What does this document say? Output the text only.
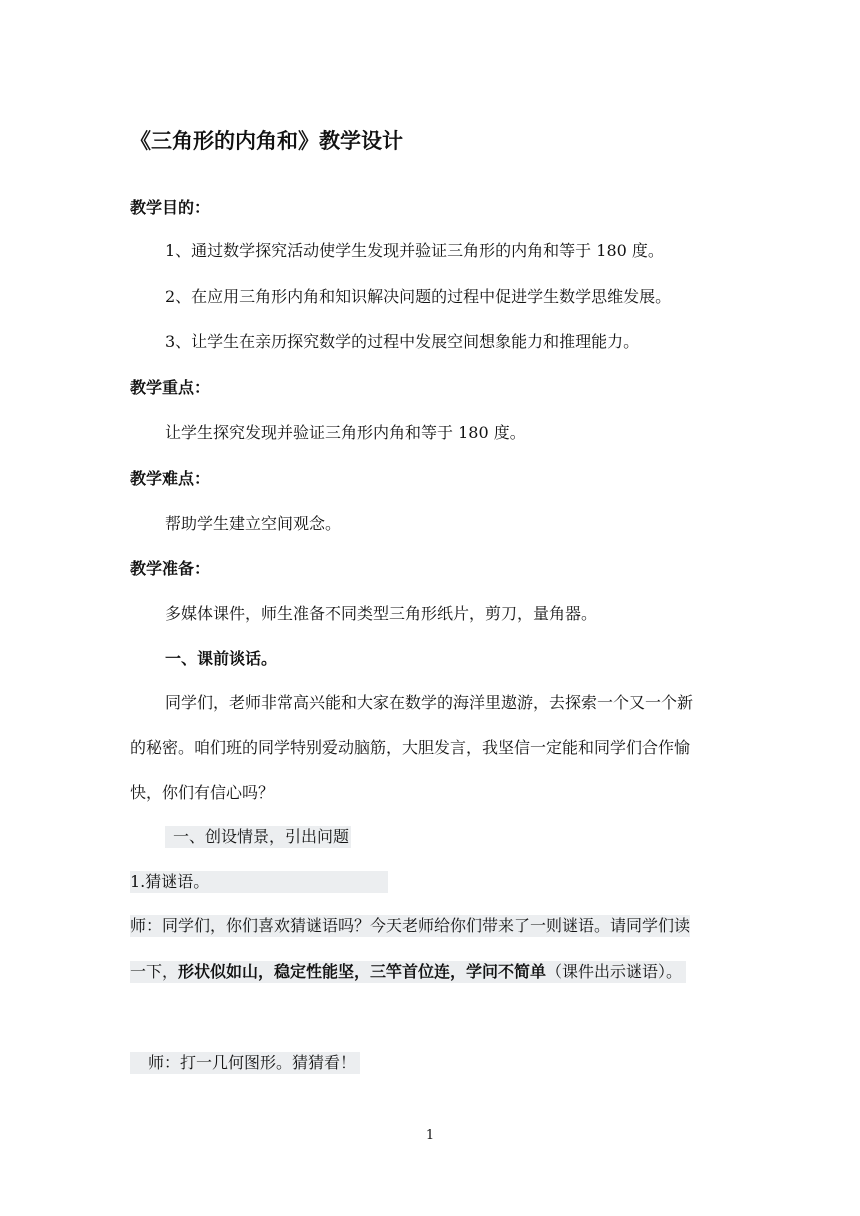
《三角形的内角和》教学设计
教学目的：
1、通过数学探究活动使学生发现并验证三角形的内角和等于 180 度。
2、在应用三角形内角和知识解决问题的过程中促进学生数学思维发展。
3、让学生在亲历探究数学的过程中发展空间想象能力和推理能力。
教学重点：
让学生探究发现并验证三角形内角和等于 180 度。
教学难点：
帮助学生建立空间观念。
教学准备：
多媒体课件，师生准备不同类型三角形纸片，剪刀，量角器。
一、课前谈话。
同学们，老师非常高兴能和大家在数学的海洋里遨游，去探索一个又一个新
的秘密。咱们班的同学特别爱动脑筋，大胆发言，我坚信一定能和同学们合作愉
快，你们有信心吗？
一、创设情景，引出问题
1.猜谜语。
师：同学们，你们喜欢猜谜语吗？今天老师给你们带来了一则谜语。请同学们读
一下，形状似如山，稳定性能坚，三竿首位连，学问不简单（课件出示谜语）。
师：打一几何图形。猜猜看！
1
